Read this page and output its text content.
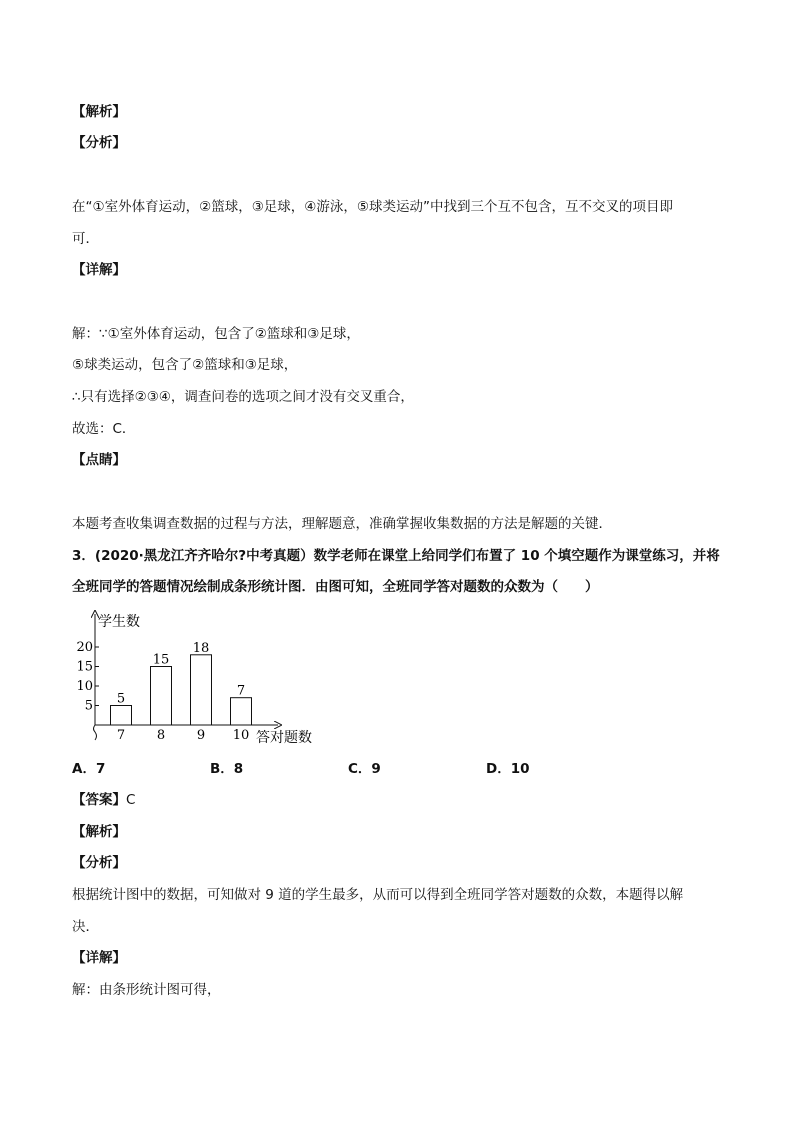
【解析】
【分析】
在“①室外体育运动，②篮球，③足球，④游泳，⑤球类运动”中找到三个互不包含，互不交叉的项目即
可．
【详解】
解：∵①室外体育运动，包含了②篮球和③足球，
⑤球类运动，包含了②篮球和③足球，
∴只有选择②③④，调查问卷的选项之间才没有交叉重合，
故选：C．
【点睛】
本题考查收集调查数据的过程与方法，理解题意，准确掌握收集数据的方法是解题的关键．
3．(2020·黑龙江齐齐哈尔?中考真题）数学老师在课堂上给同学们布置了 10 个填空题作为课堂练习，并将
全班同学的答题情况绘制成条形统计图．由图可知，全班同学答对题数的众数为（　　）
学生数
答对题数
5
10
15
20
5
7
15
8
18
9
7
10
A．7	B．8	C．9	D．10
【答案】C
【解析】
【分析】
根据统计图中的数据，可知做对 9 道的学生最多，从而可以得到全班同学答对题数的众数，本题得以解
决．
【详解】
解：由条形统计图可得，
